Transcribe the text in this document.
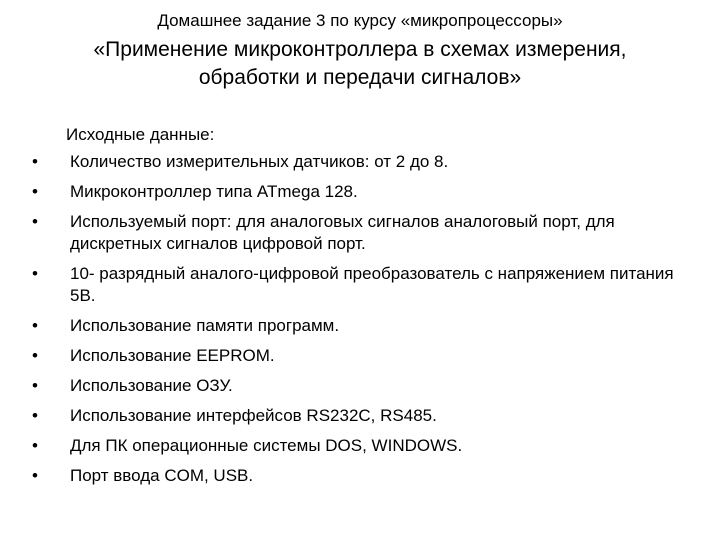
Домашнее задание 3 по курсу «микропроцессоры»
«Применение микроконтроллера в схемах измерения,
обработки и передачи сигналов»

Исходные данные:

• Количество измерительных датчиков: от 2 до 8.
• Микроконтроллер типа ATmega 128.
• Используемый порт: для аналоговых сигналов аналоговый порт, для дискретных сигналов цифровой порт.
• 10- разрядный аналого-цифровой преобразователь с напряжением питания 5В.
• Использование памяти программ.
• Использование EEPROM.
• Использование ОЗУ.
• Использование интерфейсов RS232C, RS485.
• Для ПК операционные системы DOS, WINDOWS.
• Порт ввода COM, USB.
